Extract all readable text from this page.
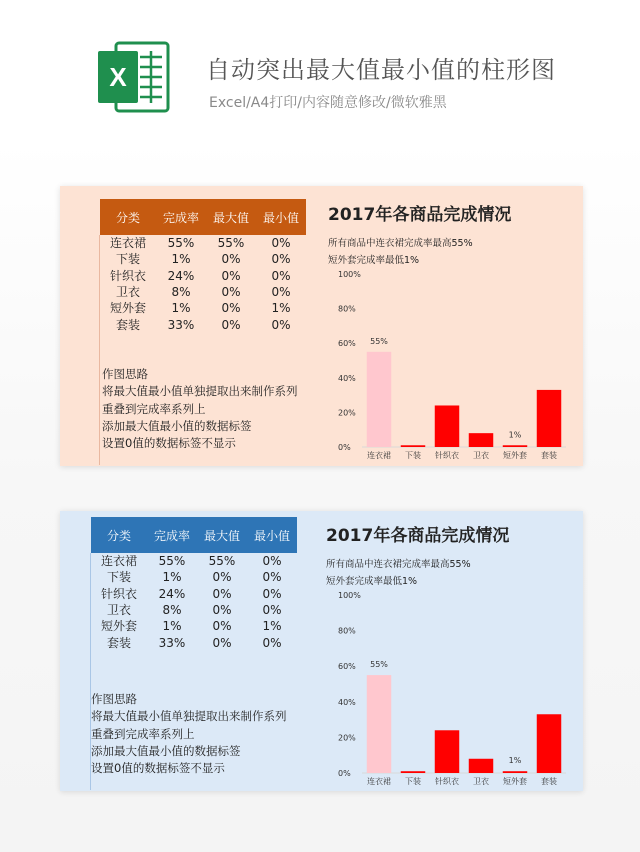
X	自动突出最大值最小值的柱形图
Excel/A4打印/内容随意修改/微软雅黑
分类	完成率	最大值	最小值
连衣裙	55%	55%	0%
下装	1%	0%	0%
针织衣	24%	0%	0%
卫衣	8%	0%	0%
短外套	1%	0%	1%
套装	33%	0%	0%
作图思路
将最大值最小值单独提取出来制作系列
重叠到完成率系列上
添加最大值最小值的数据标签
设置0值的数据标签不显示
2017年各商品完成情况
所有商品中连衣裙完成率最高55%
短外套完成率最低1%
0%
20%
40%
60%
80%
100%
连衣裙
55%
下装 针织衣 卫衣 短外套
1%
套装
分类	完成率	最大值	最小值
连衣裙	55%	55%	0%
下装	1%	0%	0%
针织衣	24%	0%	0%
卫衣	8%	0%	0%
短外套	1%	0%	1%
套装	33%	0%	0%
作图思路
将最大值最小值单独提取出来制作系列
重叠到完成率系列上
添加最大值最小值的数据标签
设置0值的数据标签不显示
2017年各商品完成情况
所有商品中连衣裙完成率最高55%
短外套完成率最低1%
0%
20%
40%
60%
80%
100%
连衣裙
55%
下装 针织衣 卫衣 短外套
1%
套装
